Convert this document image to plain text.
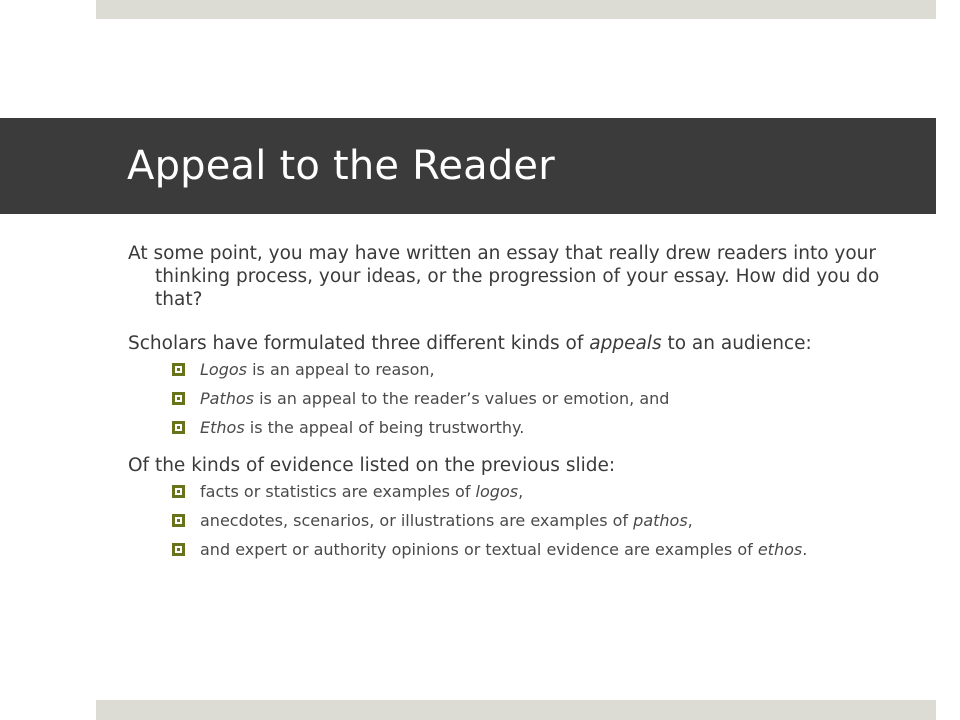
Appeal to the Reader

At some point, you may have written an essay that really drew readers into your thinking process, your ideas, or the progression of your essay. How did you do that?

Scholars have formulated three different kinds of appeals to an audience:

Logos is an appeal to reason,
Pathos is an appeal to the reader’s values or emotion, and
Ethos is the appeal of being trustworthy.

Of the kinds of evidence listed on the previous slide:

facts or statistics are examples of logos,
anecdotes, scenarios, or illustrations are examples of pathos,
and expert or authority opinions or textual evidence are examples of ethos.
